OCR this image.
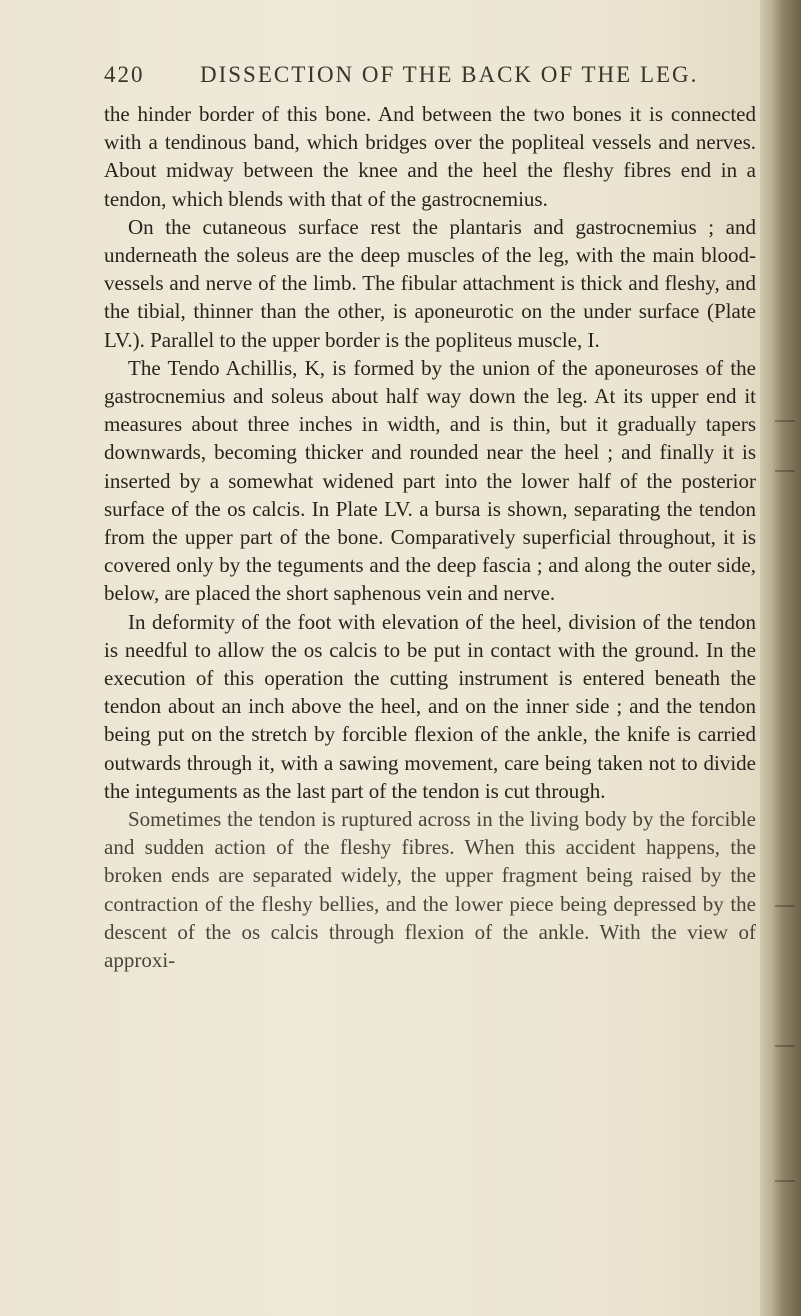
420 DISSECTION OF THE BACK OF THE LEG.

the hinder border of this bone. And between the two bones it is connected with a tendinous band, which bridges over the popliteal vessels and nerves. About midway between the knee and the heel the fleshy fibres end in a tendon, which blends with that of the gastrocnemius.

On the cutaneous surface rest the plantaris and gastrocnemius ; and underneath the soleus are the deep muscles of the leg, with the main blood-vessels and nerve of the limb. The fibular attachment is thick and fleshy, and the tibial, thinner than the other, is aponeurotic on the under surface (Plate LV.). Parallel to the upper border is the popliteus muscle, I.

The Tendo Achillis, K, is formed by the union of the aponeuroses of the gastrocnemius and soleus about half way down the leg. At its upper end it measures about three inches in width, and is thin, but it gradually tapers downwards, becoming thicker and rounded near the heel ; and finally it is inserted by a somewhat widened part into the lower half of the posterior surface of the os calcis. In Plate LV. a bursa is shown, separating the tendon from the upper part of the bone. Comparatively superficial throughout, it is covered only by the teguments and the deep fascia ; and along the outer side, below, are placed the short saphenous vein and nerve.

In deformity of the foot with elevation of the heel, division of the tendon is needful to allow the os calcis to be put in contact with the ground. In the execution of this operation the cutting instrument is entered beneath the tendon about an inch above the heel, and on the inner side ; and the tendon being put on the stretch by forcible flexion of the ankle, the knife is carried outwards through it, with a sawing movement, care being taken not to divide the integuments as the last part of the tendon is cut through.

Sometimes the tendon is ruptured across in the living body by the forcible and sudden action of the fleshy fibres. When this accident happens, the broken ends are separated widely, the upper fragment being raised by the contraction of the fleshy bellies, and the lower piece being depressed by the descent of the os calcis through flexion of the ankle. With the view of approxi-
